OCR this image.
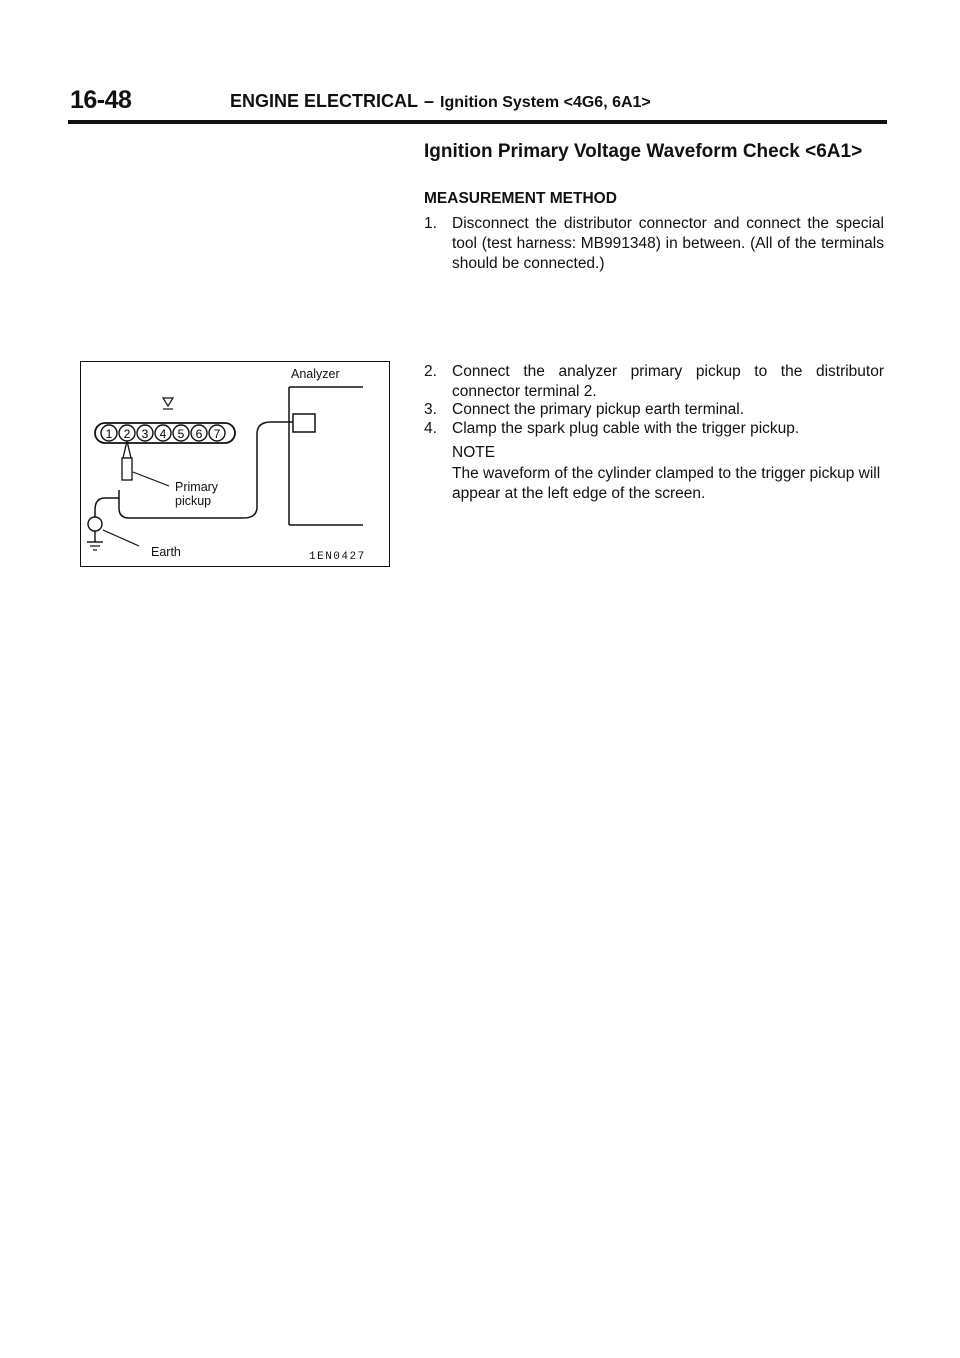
16-48	ENGINE ELECTRICAL – Ignition System <4G6, 6A1>
Ignition Primary Voltage Waveform Check <6A1>
MEASUREMENT METHOD
1. Disconnect the distributor connector and connect the special tool (test harness: MB991348) in between. (All of the terminals should be connected.)
2. Connect the analyzer primary pickup to the distributor connector terminal 2.
3. Connect the primary pickup earth terminal.
4. Clamp the spark plug cable with the trigger pickup.
NOTE
The waveform of the cylinder clamped to the trigger pickup will appear at the left edge of the screen.
1 2 3 4 5 6 7
Analyzer
Primary
pickup
Earth	1EN0427
